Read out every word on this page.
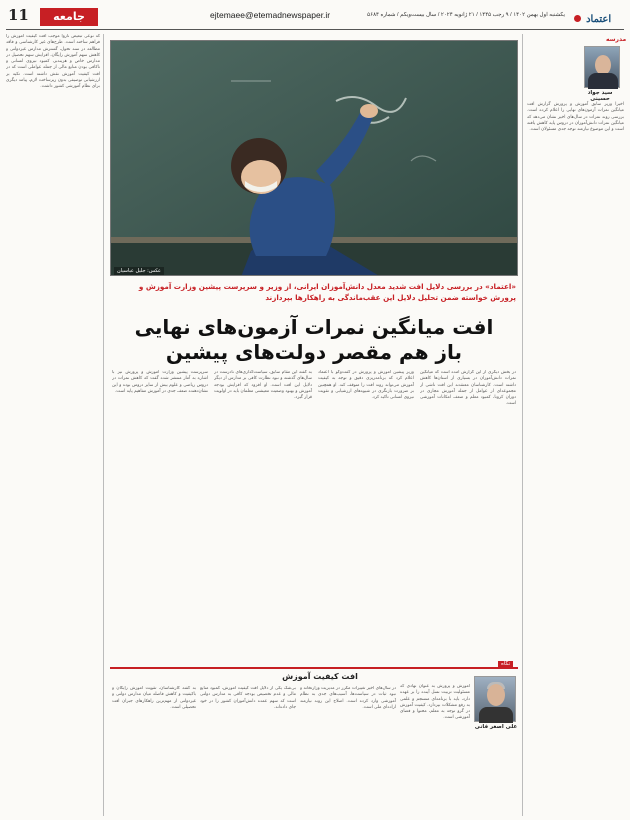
11	جامعه	ejtemaee@etemadnewspaper.ir	یکشنبه اول بهمن ۱۴۰۲ / ۹ رجب ۱۴۴۵ / ۲۱ ژانویه ۲۰۲۴ / سال بیست‌ویکم / شماره ۵۶۸۴	اعتماد
که نوعی تبعیض ناروا موجب افت کیفیت آموزش را فراهم ساخته است. طرح‌های غیر کارشناسی و فاقد مطالعه در سند تحول، گسترش مدارس غیردولتی و کاهش سهم آموزش رایگان، افزایش سهم تحصیل در مدارس خاص و هزینه‌بر، کمبود نیروی انسانی و ناکافی بودن منابع مالی از جمله عواملی است که در افت کیفیت آموزش نقش داشته است. تکیه بر ارزشیابی توصیفی بدون زیرساخت لازم، پیامد دیگری برای نظام آموزشی کشور داشت.
مدرسه
سید جواد حسینی
اخیرا وزیر سابق آموزش و پرورش گزارش افت میانگین نمرات آزمون‌های نهایی را اعلام کرده است. بررسی روند نمرات در سال‌های اخیر نشان می‌دهد که میانگین نمرات دانش‌آموزان در دروس پایه کاهش یافته است و این موضوع نیازمند توجه جدی مسئولان است.
عکس: جلیل عباسیان
«اعتماد» در بررسی دلایل افت شدید معدل دانش‌آموزان ایرانی، از وزیر و سرپرست پیشین وزارت آموزش و پرورش خواسته ضمن تحلیل دلایل این عقب‌ماندگی به راهکارها بپردازند
افت میانگین نمرات آزمون‌های نهایی
باز هم مقصر دولت‌های پیشین
در بخش دیگری از این گزارش آمده است که میانگین نمرات دانش‌آموزان در بسیاری از استان‌ها کاهش داشته است. کارشناسان معتقدند این افت ناشی از مجموعه‌ای از عوامل از جمله آموزش مجازی در دوران کرونا، کمبود معلم و ضعف امکانات آموزشی است.
وزیر پیشین آموزش و پرورش در گفت‌وگو با اعتماد اعلام کرد که برنامه‌ریزی دقیق و توجه به کیفیت آموزش می‌تواند روند افت را متوقف کند. او همچنین بر ضرورت بازنگری در شیوه‌های ارزشیابی و تقویت نیروی انسانی تاکید کرد.
به گفته این مقام سابق، سیاست‌گذاری‌های نادرست در سال‌های گذشته و نبود نظارت کافی بر مدارس از دیگر دلایل این افت است. او افزود که افزایش بودجه آموزش و بهبود وضعیت معیشتی معلمان باید در اولویت قرار گیرد.
سرپرست پیشین وزارت آموزش و پرورش نیز با اشاره به آمار منتشر شده گفت که کاهش نمرات در دروس ریاضی و علوم بیش از سایر دروس بوده و این نشان‌دهنده ضعف جدی در آموزش مفاهیم پایه است.
نگاه
علی اصغر فانی
افت کیفیت آموزش
آموزش و پرورش به عنوان نهادی که مسئولیت تربیت نسل آینده را بر عهده دارد، باید با برنامه‌ای منسجم و علمی به رفع مشکلات بپردازد. کیفیت آموزش در گرو توجه به معلم، محتوا و فضای آموزشی است.
در سال‌های اخیر تغییرات مکرر در مدیریت وزارتخانه و نبود ثبات در سیاست‌ها، آسیب‌های جدی به نظام آموزشی وارد کرده است. اصلاح این روند نیازمند اراده‌ای ملی است.
بی‌شک یکی از دلایل افت کیفیت آموزش، کمبود منابع مالی و عدم تخصیص بودجه کافی به مدارس دولتی است که سهم عمده دانش‌آموزان کشور را در خود جای داده‌اند.
به گفته کارشناسان، تقویت آموزش رایگان و باکیفیت و کاهش فاصله میان مدارس دولتی و غیردولتی از مهم‌ترین راهکارهای جبران افت تحصیلی است.
